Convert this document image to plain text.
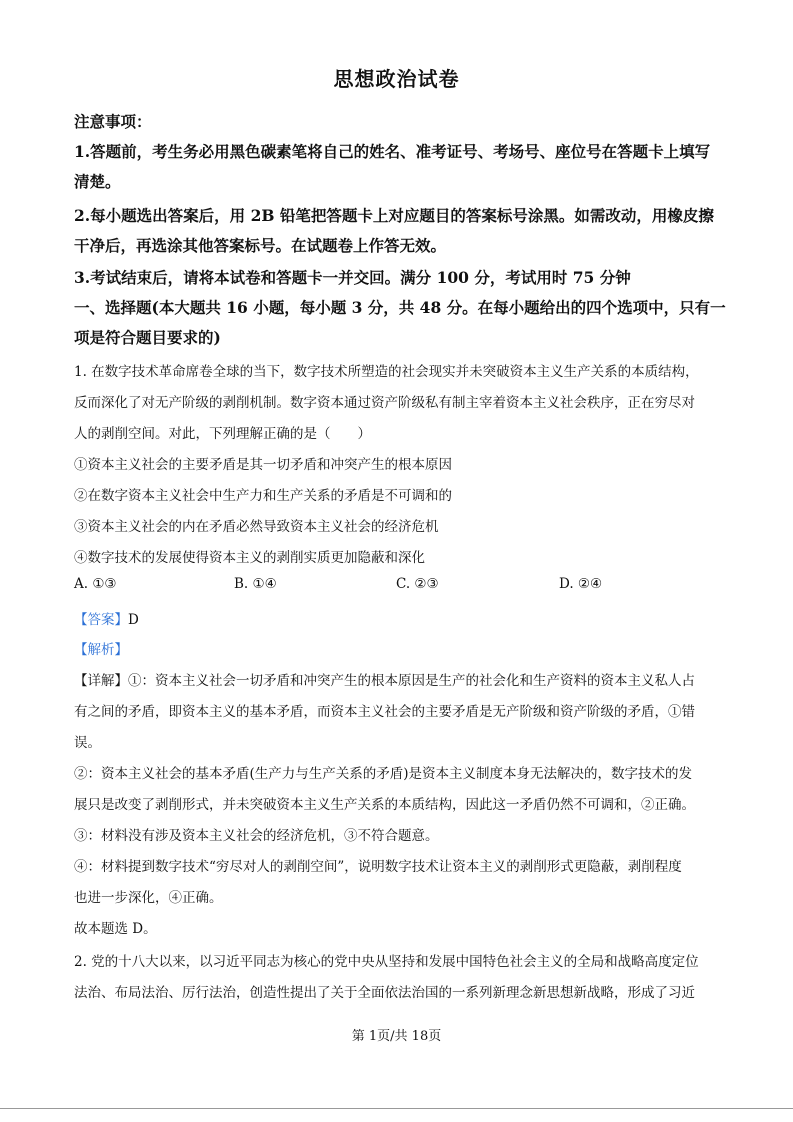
思想政治试卷
注意事项：
1.答题前，考生务必用黑色碳素笔将自己的姓名、准考证号、考场号、座位号在答题卡上填写
清楚。
2.每小题选出答案后，用 2B 铅笔把答题卡上对应题目的答案标号涂黑。如需改动，用橡皮擦
干净后，再选涂其他答案标号。在试题卷上作答无效。
3.考试结束后，请将本试卷和答题卡一并交回。满分 100 分，考试用时 75 分钟
一、选择题(本大题共 16 小题，每小题 3 分，共 48 分。在每小题给出的四个选项中，只有一
项是符合题目要求的)
1. 在数字技术革命席卷全球的当下，数字技术所塑造的社会现实并未突破资本主义生产关系的本质结构，
反而深化了对无产阶级的剥削机制。数字资本通过资产阶级私有制主宰着资本主义社会秩序，正在穷尽对
人的剥削空间。对此，下列理解正确的是（　　）
①资本主义社会的主要矛盾是其一切矛盾和冲突产生的根本原因
②在数字资本主义社会中生产力和生产关系的矛盾是不可调和的
③资本主义社会的内在矛盾必然导致资本主义社会的经济危机
④数字技术的发展使得资本主义的剥削实质更加隐蔽和深化
A. ①③	B. ①④	C. ②③	D. ②④
【答案】D
【解析】
【详解】①：资本主义社会一切矛盾和冲突产生的根本原因是生产的社会化和生产资料的资本主义私人占
有之间的矛盾，即资本主义的基本矛盾，而资本主义社会的主要矛盾是无产阶级和资产阶级的矛盾，①错
误。
②：资本主义社会的基本矛盾(生产力与生产关系的矛盾)是资本主义制度本身无法解决的，数字技术的发
展只是改变了剥削形式，并未突破资本主义生产关系的本质结构，因此这一矛盾仍然不可调和，②正确。
③：材料没有涉及资本主义社会的经济危机，③不符合题意。
④：材料提到数字技术“穷尽对人的剥削空间”，说明数字技术让资本主义的剥削形式更隐蔽，剥削程度
也进一步深化，④正确。
故本题选 D。
2. 党的十八大以来，以习近平同志为核心的党中央从坚持和发展中国特色社会主义的全局和战略高度定位
法治、布局法治、厉行法治，创造性提出了关于全面依法治国的一系列新理念新思想新战略，形成了习近
第 1页/共 18页
